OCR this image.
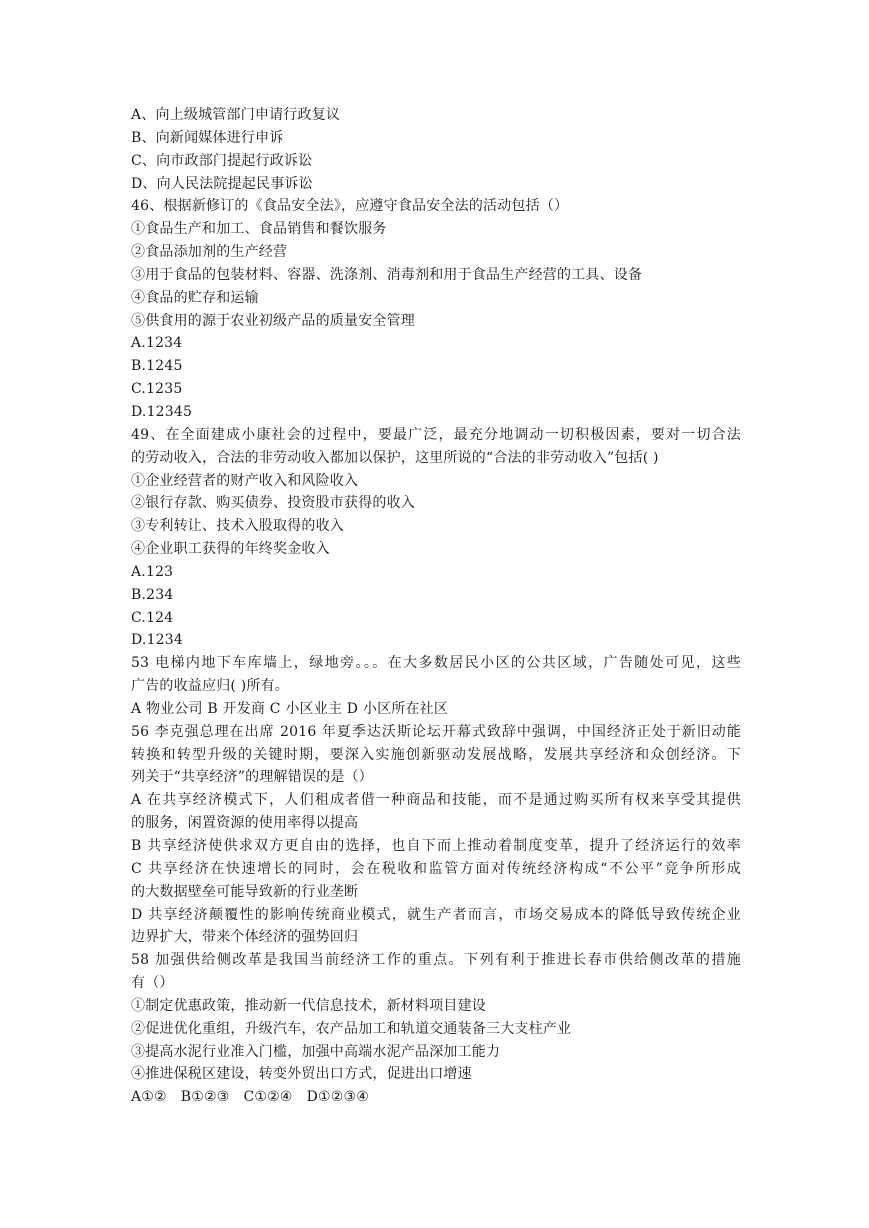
A、向上级城管部门申请行政复议
B、向新闻媒体进行申诉
C、向市政部门提起行政诉讼
D、向人民法院提起民事诉讼
46、根据新修订的《食品安全法》，应遵守食品安全法的活动包括（）
①食品生产和加工、食品销售和餐饮服务
②食品添加剂的生产经营
③用于食品的包装材料、容器、洗涤剂、消毒剂和用于食品生产经营的工具、设备
④食品的贮存和运输
⑤供食用的源于农业初级产品的质量安全管理
A.1234
B.1245
C.1235
D.12345
49、在全面建成小康社会的过程中，要最广泛，最充分地调动一切积极因素，要对一切合法
的劳动收入，合法的非劳动收入都加以保护，这里所说的“合法的非劳动收入”包括( )
①企业经营者的财产收入和风险收入
②银行存款、购买债券、投资股市获得的收入
③专利转让、技术入股取得的收入
④企业职工获得的年终奖金收入
A.123
B.234
C.124
D.1234
53 电梯内地下车库墙上，绿地旁。。。在大多数居民小区的公共区域，广告随处可见，这些
广告的收益应归( )所有。
A 物业公司 B 开发商 C 小区业主 D 小区所在社区
56 李克强总理在出席 2016 年夏季达沃斯论坛开幕式致辞中强调，中国经济正处于新旧动能
转换和转型升级的关键时期，要深入实施创新驱动发展战略，发展共享经济和众创经济。下
列关于“共享经济”的理解错误的是（）
A 在共享经济模式下，人们租成者借一种商品和技能，而不是通过购买所有权来享受其提供
的服务，闲置资源的使用率得以提高
B 共享经济使供求双方更自由的选择，也自下而上推动着制度变革，提升了经济运行的效率
C 共享经济在快速增长的同时，会在税收和监管方面对传统经济构成“不公平”竞争所形成
的大数据壁垒可能导致新的行业垄断
D 共享经济颠覆性的影响传统商业模式，就生产者而言，市场交易成本的降低导致传统企业
边界扩大，带来个体经济的强势回归
58 加强供给侧改革是我国当前经济工作的重点。下列有利于推进长春市供给侧改革的措施
有（）
①制定优惠政策，推动新一代信息技术，新材料项目建设
②促进优化重组，升级汽车，农产品加工和轨道交通装备三大支柱产业
③提高水泥行业准入门槛，加强中高端水泥产品深加工能力
④推进保税区建设，转变外贸出口方式，促进出口增速
A①②   B①②③   C①②④   D①②③④
